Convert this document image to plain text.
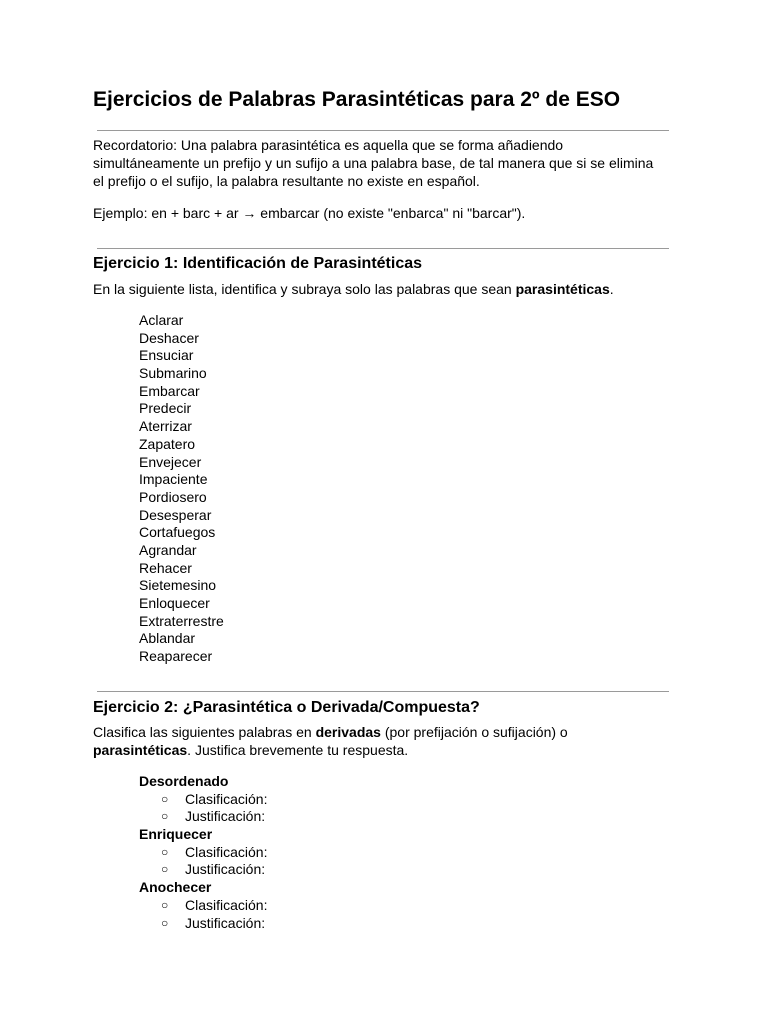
Ejercicios de Palabras Parasintéticas para 2º de ESO

Recordatorio: Una palabra parasintética es aquella que se forma añadiendo

simultáneamente un prefijo y un sufijo a una palabra base, de tal manera que si se elimina

el prefijo o el sufijo, la palabra resultante no existe en español.

Ejemplo: en + barc + ar → embarcar (no existe "enbarca" ni "barcar").

Ejercicio 1: Identificación de Parasintéticas

En la siguiente lista, identifica y subraya solo las palabras que sean parasintéticas.

Aclarar
Deshacer
Ensuciar
Submarino
Embarcar
Predecir
Aterrizar
Zapatero
Envejecer
Impaciente
Pordiosero
Desesperar
Cortafuegos
Agrandar
Rehacer
Sietemesino
Enloquecer
Extraterrestre
Ablandar
Reaparecer
Ejercicio 2: ¿Parasintética o Derivada/Compuesta?

Clasifica las siguientes palabras en derivadas (por prefijación o sufijación) o

parasintéticas. Justifica brevemente tu respuesta.

Desordenado
○ Clasificación:
○ Justificación:
Enriquecer
○ Clasificación:
○ Justificación:
Anochecer
○ Clasificación:
○ Justificación:
